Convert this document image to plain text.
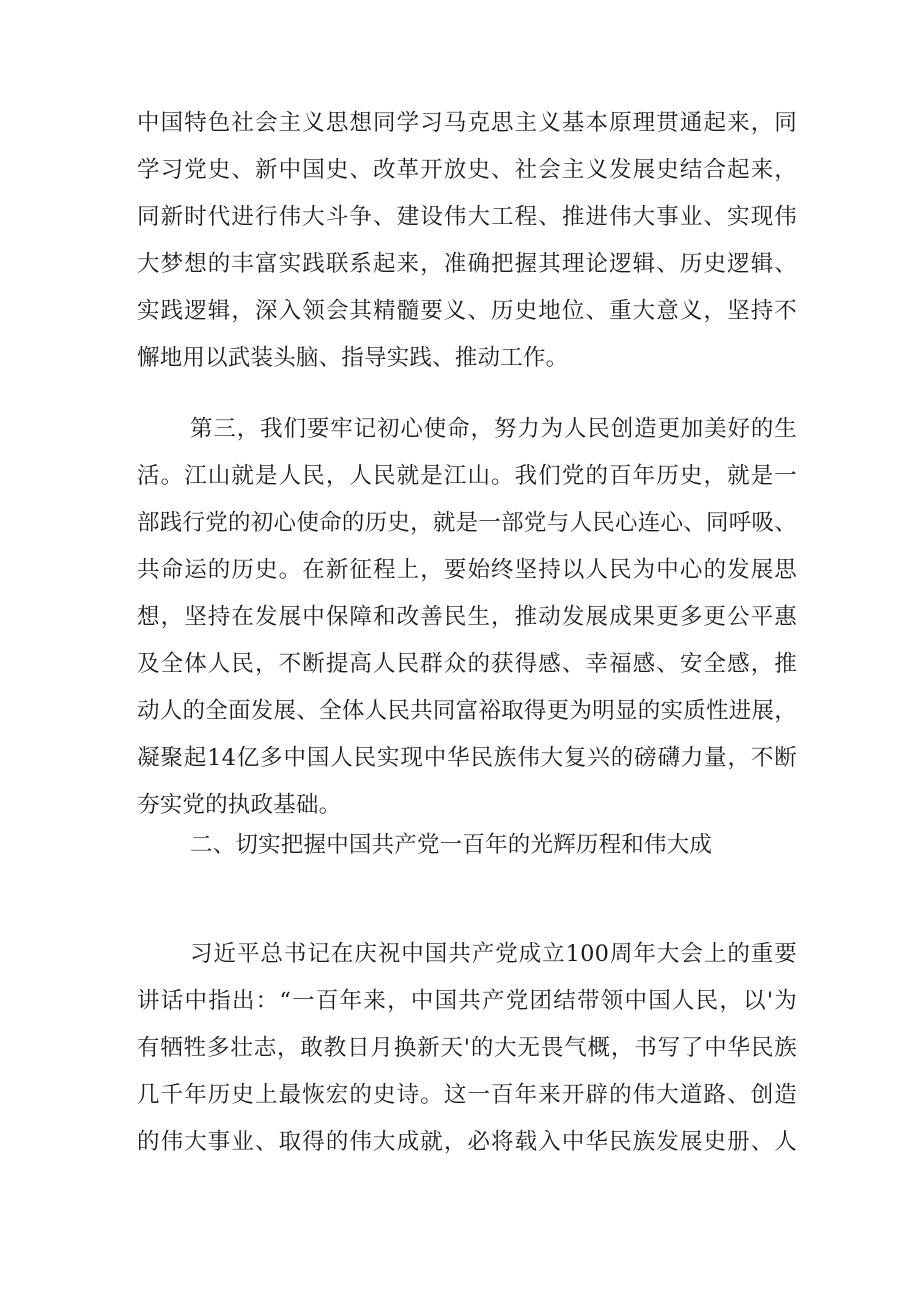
中国特色社会主义思想同学习马克思主义基本原理贯通起来，同
学习党史、新中国史、改革开放史、社会主义发展史结合起来，
同新时代进行伟大斗争、建设伟大工程、推进伟大事业、实现伟
大梦想的丰富实践联系起来，准确把握其理论逻辑、历史逻辑、
实践逻辑，深入领会其精髓要义、历史地位、重大意义，坚持不
懈地用以武装头脑、指导实践、推动工作。
第三，我们要牢记初心使命，努力为人民创造更加美好的生
活。江山就是人民，人民就是江山。我们党的百年历史，就是一
部践行党的初心使命的历史，就是一部党与人民心连心、同呼吸、
共命运的历史。在新征程上，要始终坚持以人民为中心的发展思
想，坚持在发展中保障和改善民生，推动发展成果更多更公平惠
及全体人民，不断提高人民群众的获得感、幸福感、安全感，推
动人的全面发展、全体人民共同富裕取得更为明显的实质性进展，
凝聚起14亿多中国人民实现中华民族伟大复兴的磅礴力量，不断
夯实党的执政基础。
二、切实把握中国共产党一百年的光辉历程和伟大成
习近平总书记在庆祝中国共产党成立100周年大会上的重要
讲话中指出：“一百年来，中国共产党团结带领中国人民，以'为
有牺牲多壮志，敢教日月换新天'的大无畏气概，书写了中华民族
几千年历史上最恢宏的史诗。这一百年来开辟的伟大道路、创造
的伟大事业、取得的伟大成就，必将载入中华民族发展史册、人
